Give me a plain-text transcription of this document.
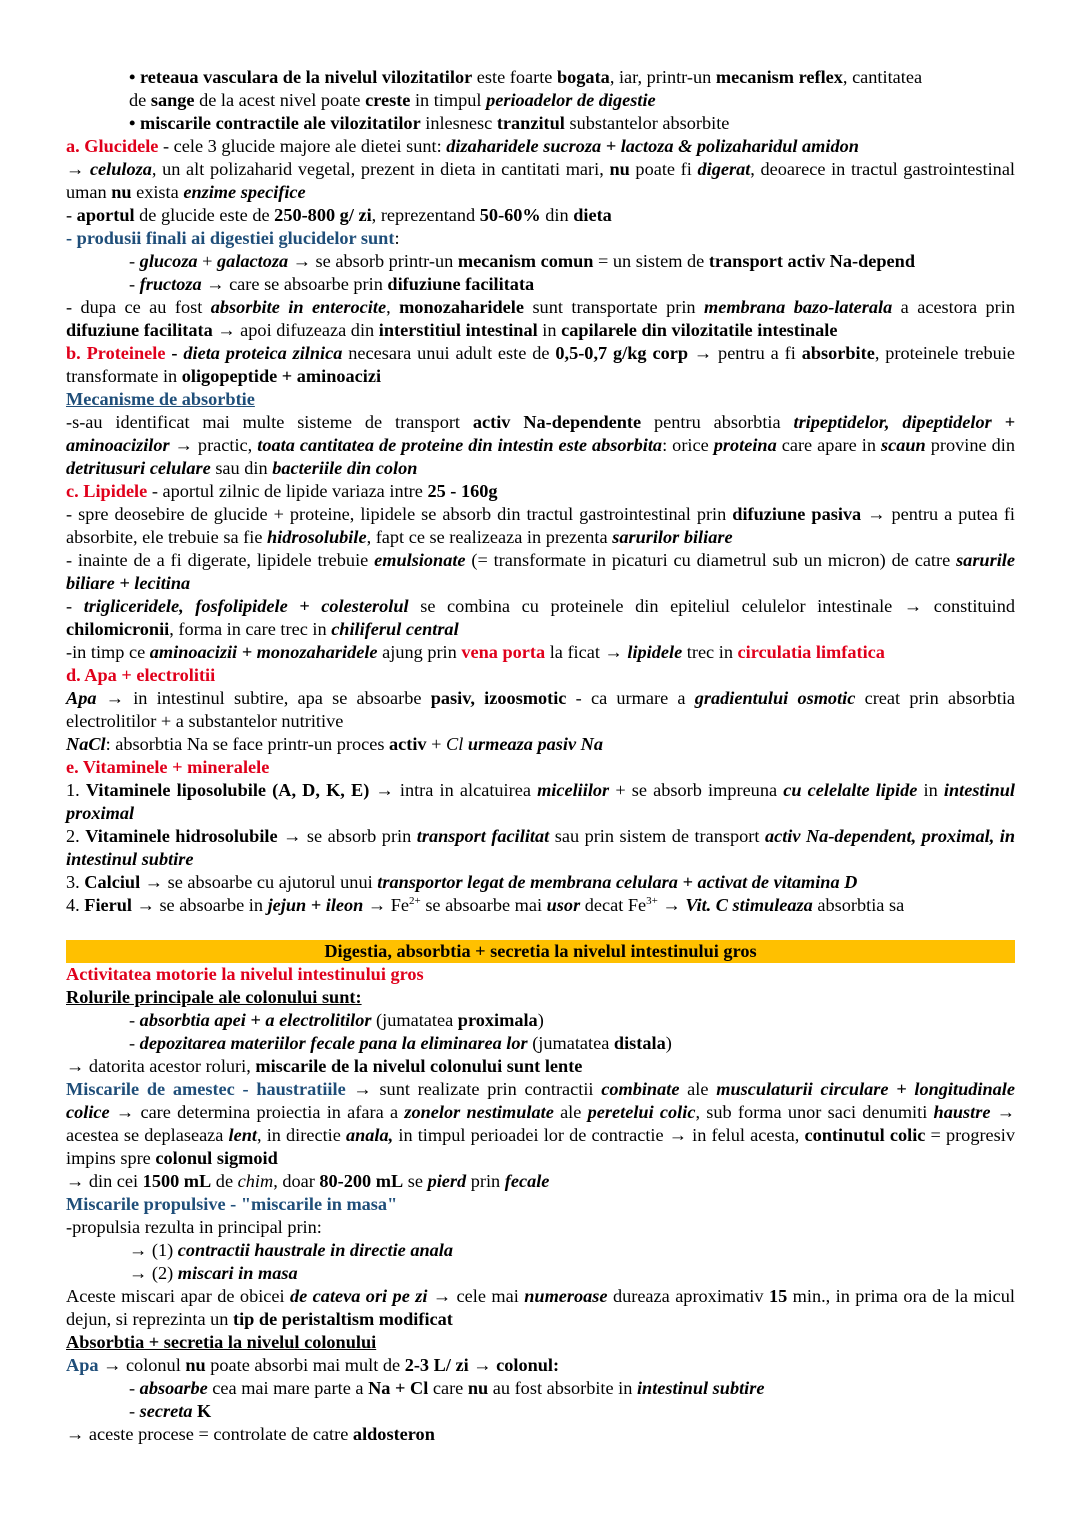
• reteaua vasculara de la nivelul vilozitatilor este foarte bogata, iar, printr-un mecanism reflex, cantitatea

de sange de la acest nivel poate creste in timpul perioadelor de digestie

• miscarile contractile ale vilozitatilor inlesnesc tranzitul substantelor absorbite

a. Glucidele - cele 3 glucide majore ale dietei sunt: dizaharidele sucroza + lactoza & polizaharidul amidon

→ celuloza, un alt polizaharid vegetal, prezent in dieta in cantitati mari, nu poate fi digerat, deoarece in tractul gastrointestinal uman nu exista enzime specifice

- aportul de glucide este de 250-800 g/ zi, reprezentand 50-60% din dieta

- produsii finali ai digestiei glucidelor sunt:

- glucoza + galactoza → se absorb printr-un mecanism comun = un sistem de transport activ Na-depend

- fructoza → care se absoarbe prin difuziune facilitata

- dupa ce au fost absorbite in enterocite, monozaharidele sunt transportate prin membrana bazo-laterala a acestora prin difuziune facilitata → apoi difuzeaza din interstitiul intestinal in capilarele din vilozitatile intestinale

b. Proteinele - dieta proteica zilnica necesara unui adult este de 0,5-0,7 g/kg corp → pentru a fi absorbite, proteinele trebuie transformate in oligopeptide + aminoacizi

Mecanisme de absorbtie

-s-au identificat mai multe sisteme de transport activ Na-dependente pentru absorbtia tripeptidelor, dipeptidelor + aminoacizilor → practic, toata cantitatea de proteine din intestin este absorbita: orice proteina care apare in scaun provine din detritusuri celulare sau din bacteriile din colon

c. Lipidele - aportul zilnic de lipide variaza intre 25 - 160g

- spre deosebire de glucide + proteine, lipidele se absorb din tractul gastrointestinal prin difuziune pasiva → pentru a putea fi absorbite, ele trebuie sa fie hidrosolubile, fapt ce se realizeaza in prezenta sarurilor biliare

- inainte de a fi digerate, lipidele trebuie emulsionate (= transformate in picaturi cu diametrul sub un micron) de catre sarurile biliare + lecitina

- trigliceridele, fosfolipidele + colesterolul se combina cu proteinele din epiteliul celulelor intestinale → constituind chilomicronii, forma in care trec in chiliferul central

-in timp ce aminoacizii + monozaharidele ajung prin vena porta la ficat → lipidele trec in circulatia limfatica

d. Apa + electrolitii

Apa → in intestinul subtire, apa se absoarbe pasiv, izoosmotic - ca urmare a gradientului osmotic creat prin absorbtia electrolitilor + a substantelor nutritive

NaCl: absorbtia Na se face printr-un proces activ + Cl urmeaza pasiv Na

e. Vitaminele + mineralele

1. Vitaminele liposolubile (A, D, K, E) → intra in alcatuirea miceliilor + se absorb impreuna cu celelalte lipide in intestinul proximal

2. Vitaminele hidrosolubile → se absorb prin transport facilitat sau prin sistem de transport activ Na-dependent, proximal, in intestinul subtire

3. Calciul → se absoarbe cu ajutorul unui transportor legat de membrana celulara + activat de vitamina D

4. Fierul → se absoarbe in jejun + ileon → $Fe^{2+}$ se absoarbe mai usor decat $Fe^{3+}$ → Vit. C stimuleaza absorbtia sa

Digestia, absorbtia + secretia la nivelul intestinului gros

Activitatea motorie la nivelul intestinului gros

Rolurile principale ale colonului sunt:

- absorbtia apei + a electrolitilor (jumatatea proximala)

- depozitarea materiilor fecale pana la eliminarea lor (jumatatea distala)

→ datorita acestor roluri, miscarile de la nivelul colonului sunt lente

Miscarile de amestec - haustratiile → sunt realizate prin contractii combinate ale musculaturii circulare + longitudinale colice → care determina proiectia in afara a zonelor nestimulate ale peretelui colic, sub forma unor saci denumiti haustre → acestea se deplaseaza lent, in directie anala, in timpul perioadei lor de contractie → in felul acesta, continutul colic = progresiv impins spre colonul sigmoid

→ din cei 1500 mL de chim, doar 80-200 mL se pierd prin fecale

Miscarile propulsive - "miscarile in masa"

-propulsia rezulta in principal prin:

→ (1) contractii haustrale in directie anala

→ (2) miscari in masa

Aceste miscari apar de obicei de cateva ori pe zi → cele mai numeroase dureaza aproximativ 15 min., in prima ora de la micul dejun, si reprezinta un tip de peristaltism modificat

Absorbtia + secretia la nivelul colonului

Apa → colonul nu poate absorbi mai mult de 2-3 L/ zi → colonul:

- absoarbe cea mai mare parte a Na + Cl care nu au fost absorbite in intestinul subtire

- secreta K

→ aceste procese = controlate de catre aldosteron
